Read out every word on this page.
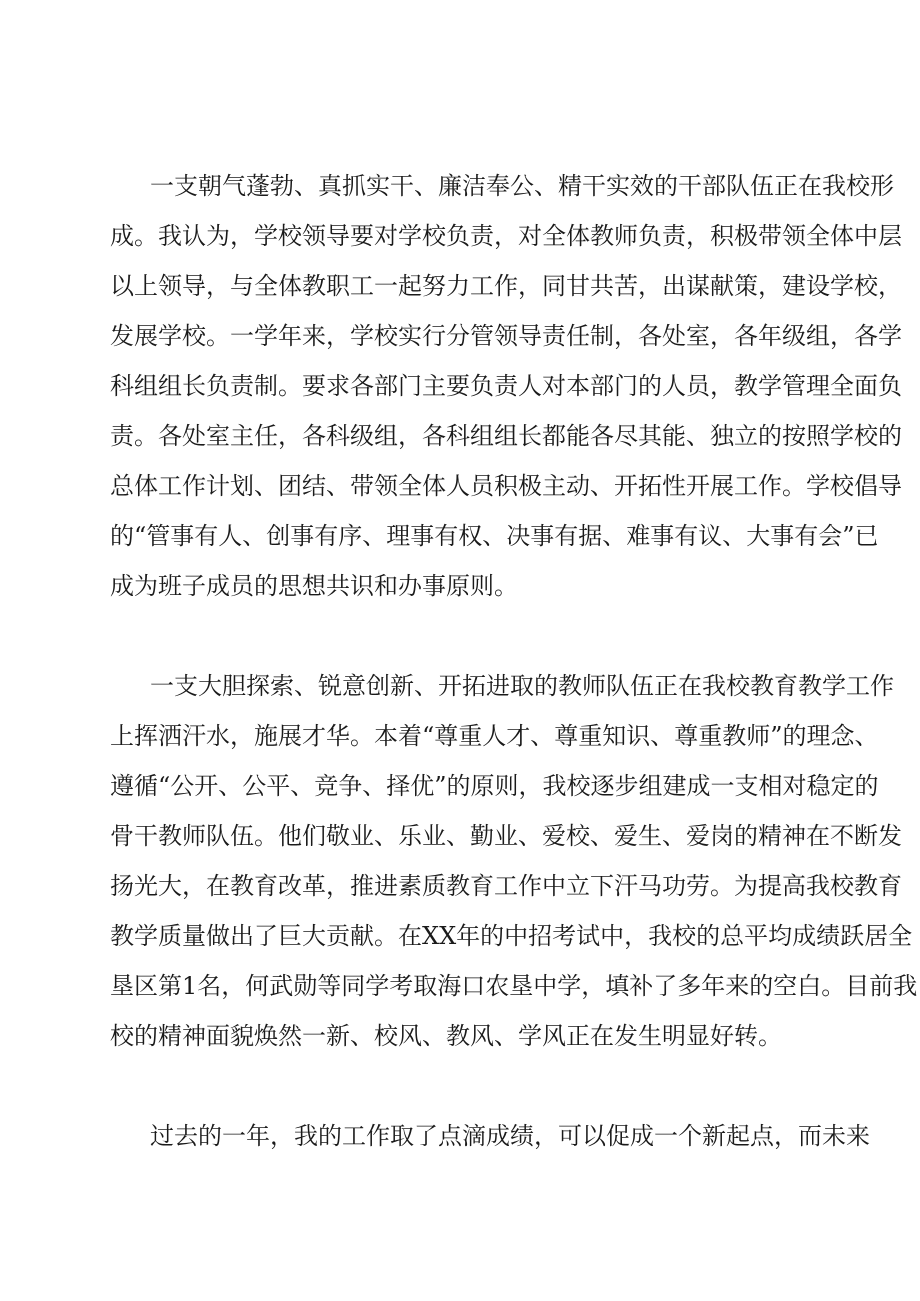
一支朝气蓬勃、真抓实干、廉洁奉公、精干实效的干部队伍正在我校形

成。我认为，学校领导要对学校负责，对全体教师负责，积极带领全体中层

以上领导，与全体教职工一起努力工作，同甘共苦，出谋献策，建设学校，

发展学校。一学年来，学校实行分管领导责任制，各处室，各年级组，各学

科组组长负责制。要求各部门主要负责人对本部门的人员，教学管理全面负

责。各处室主任，各科级组，各科组组长都能各尽其能、独立的按照学校的

总体工作计划、团结、带领全体人员积极主动、开拓性开展工作。学校倡导

的“管事有人、创事有序、理事有权、决事有据、难事有议、大事有会”已

成为班子成员的思想共识和办事原则。

一支大胆探索、锐意创新、开拓进取的教师队伍正在我校教育教学工作

上挥洒汗水，施展才华。本着“尊重人才、尊重知识、尊重教师”的理念、

遵循“公开、公平、竞争、择优”的原则，我校逐步组建成一支相对稳定的

骨干教师队伍。他们敬业、乐业、勤业、爱校、爱生、爱岗的精神在不断发

扬光大，在教育改革，推进素质教育工作中立下汗马功劳。为提高我校教育

教学质量做出了巨大贡献。在XX年的中招考试中，我校的总平均成绩跃居全

垦区第1名，何武勋等同学考取海口农垦中学，填补了多年来的空白。目前我

校的精神面貌焕然一新、校风、教风、学风正在发生明显好转。

过去的一年，我的工作取了点滴成绩，可以促成一个新起点，而未来
